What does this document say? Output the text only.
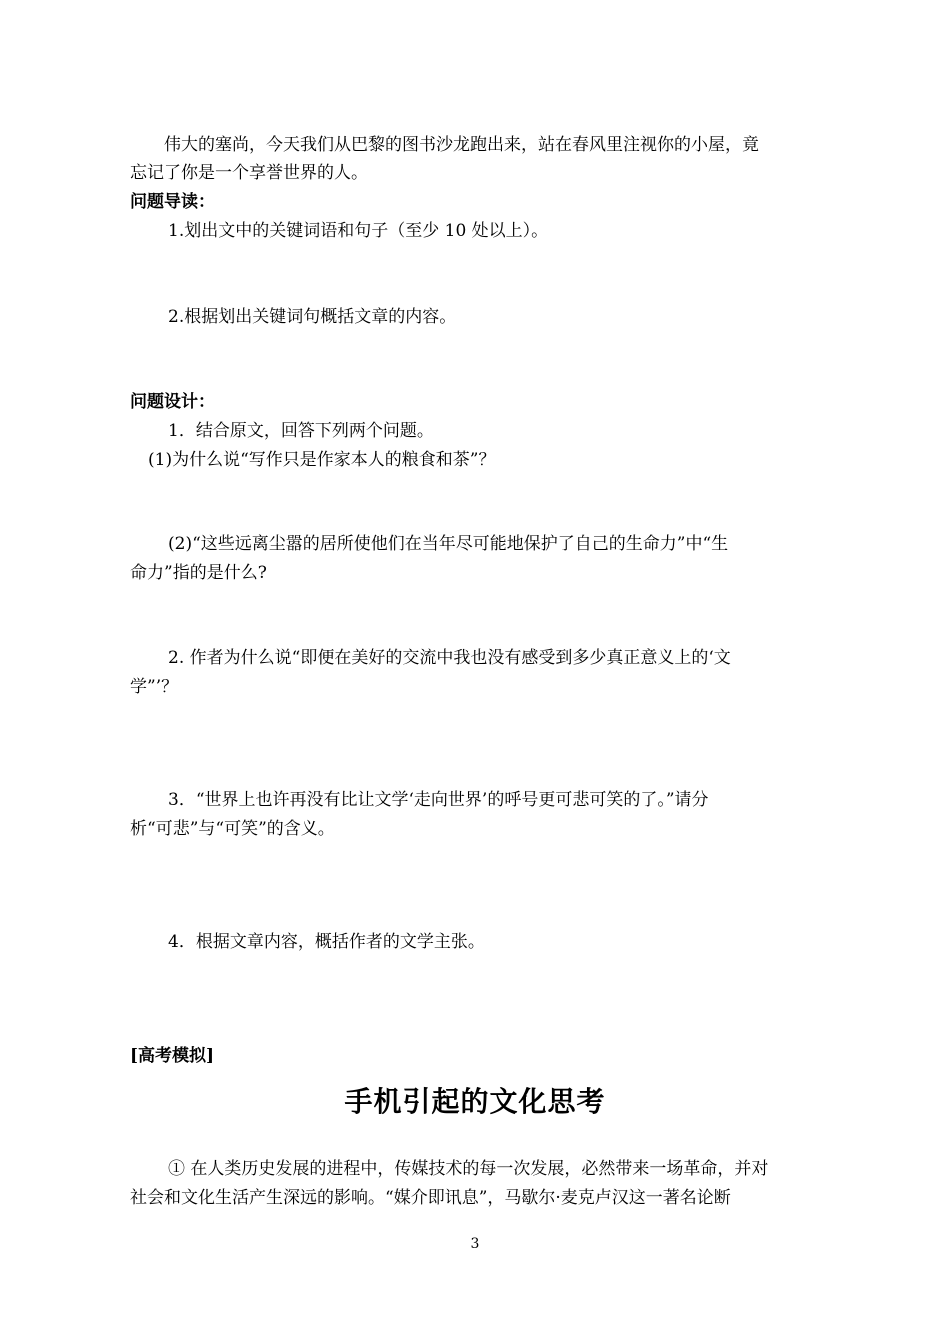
伟大的塞尚，今天我们从巴黎的图书沙龙跑出来，站在春风里注视你的小屋，竟
忘记了你是一个享誉世界的人。
问题导读：
1.划出文中的关键词语和句子（至少 10 处以上）。
2.根据划出关键词句概括文章的内容。
问题设计：
1．结合原文，回答下列两个问题。
(1)为什么说“写作只是作家本人的粮食和茶”？
(2)“这些远离尘嚣的居所使他们在当年尽可能地保护了自己的生命力”中“生
命力”指的是什么?
2. 作者为什么说“即便在美好的交流中我也没有感受到多少真正意义上的‘文
学”’？
3．“世界上也许再没有比让文学‘走向世界’的呼号更可悲可笑的了。”请分
析“可悲”与“可笑”的含义。
4．根据文章内容，概括作者的文学主张。
[高考模拟]
手机引起的文化思考
① 在人类历史发展的进程中，传媒技术的每一次发展，必然带来一场革命，并对
社会和文化生活产生深远的影响。“媒介即讯息”，马歇尔·麦克卢汉这一著名论断
3
